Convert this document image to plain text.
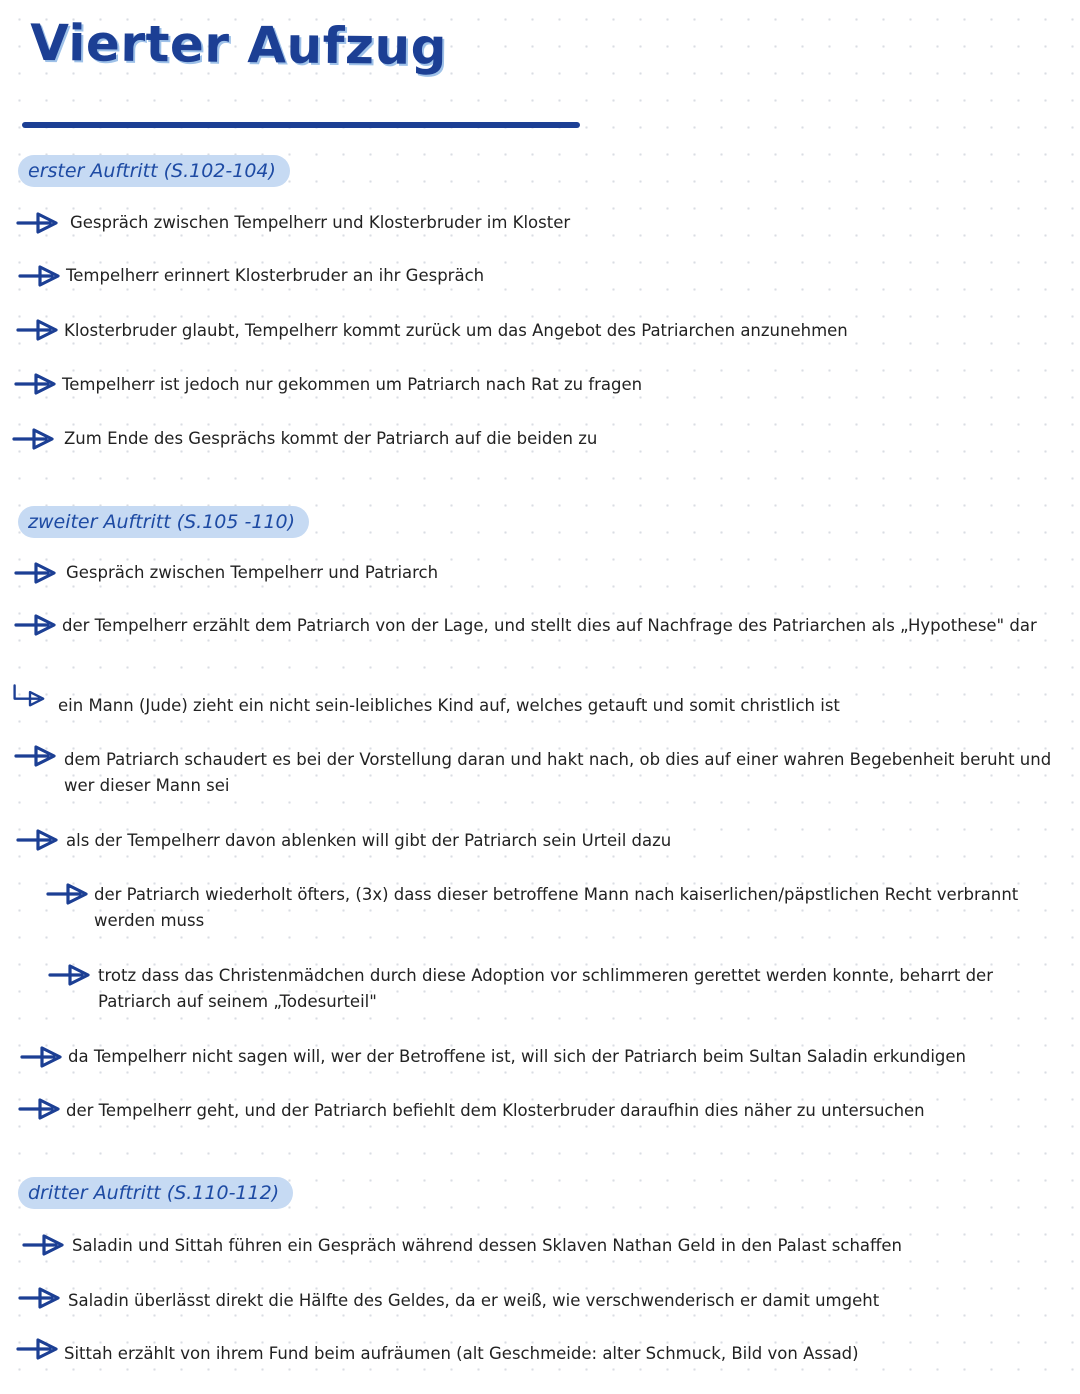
Vierter Aufzug
erster Auftritt (S.102-104)
Gespräch zwischen Tempelherr und Klosterbruder im Kloster
Tempelherr erinnert Klosterbruder an ihr Gespräch
Klosterbruder glaubt, Tempelherr kommt zurück um das Angebot des Patriarchen anzunehmen
Tempelherr ist jedoch nur gekommen um Patriarch nach Rat zu fragen
Zum Ende des Gesprächs kommt der Patriarch auf die beiden zu
zweiter Auftritt (S.105 -110)
Gespräch zwischen Tempelherr und Patriarch
der Tempelherr erzählt dem Patriarch von der Lage, und stellt dies auf Nachfrage des Patriarchen als „Hypothese" dar
ein Mann (Jude) zieht ein nicht sein-leibliches Kind auf, welches getauft und somit christlich ist
dem Patriarch schaudert es bei der Vorstellung daran und hakt nach, ob dies auf einer wahren Begebenheit beruht und wer dieser Mann sei
als der Tempelherr davon ablenken will gibt der Patriarch sein Urteil dazu
der Patriarch wiederholt öfters, (3x) dass dieser betroffene Mann nach kaiserlichen/päpstlichen Recht verbrannt werden muss
trotz dass das Christenmädchen durch diese Adoption vor schlimmeren gerettet werden konnte, beharrt der Patriarch auf seinem „Todesurteil"
da Tempelherr nicht sagen will, wer der Betroffene ist, will sich der Patriarch beim Sultan Saladin erkundigen
der Tempelherr geht, und der Patriarch befiehlt dem Klosterbruder daraufhin dies näher zu untersuchen
dritter Auftritt (S.110-112)
Saladin und Sittah führen ein Gespräch während dessen Sklaven Nathan Geld in den Palast schaffen
Saladin überlässt direkt die Hälfte des Geldes, da er weiß, wie verschwenderisch er damit umgeht
Sittah erzählt von ihrem Fund beim aufräumen (alt Geschmeide: alter Schmuck, Bild von Assad)
